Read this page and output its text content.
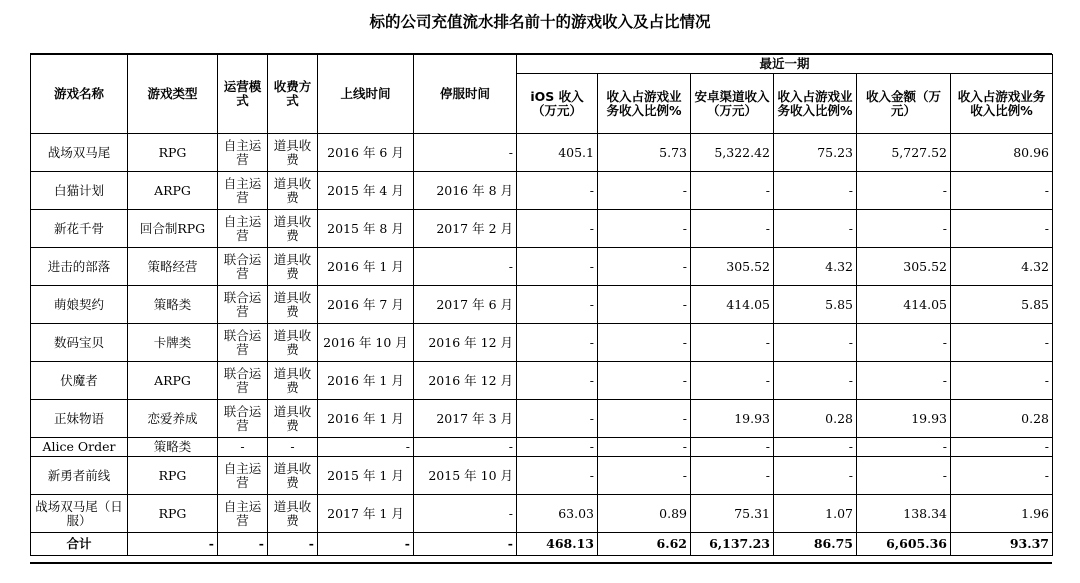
标的公司充值流水排名前十的游戏收入及占比情况
游戏名称	游戏类型	运营模式	收费方式	上线时间	停服时间	最近一期					
						iOS 收入（万元）	收入占游戏业务收入比例%	安卓渠道收入（万元）	收入占游戏业务收入比例%	收入金额（万元）	收入占游戏业务收入比例%
战场双马尾	RPG	自主运营	道具收费	2016 年 6 月	-	405.1	5.73	5,322.42	75.23	5,727.52	80.96
白猫计划	ARPG	自主运营	道具收费	2015 年 4 月	2016 年 8 月	-	-	-	-	-	-
新花千骨	回合制RPG	自主运营	道具收费	2015 年 8 月	2017 年 2 月	-	-	-	-	-	-
进击的部落	策略经营	联合运营	道具收费	2016 年 1 月	-	-	-	305.52	4.32	305.52	4.32
萌娘契约	策略类	联合运营	道具收费	2016 年 7 月	2017 年 6 月	-	-	414.05	5.85	414.05	5.85
数码宝贝	卡牌类	联合运营	道具收费	2016 年 10 月	2016 年 12 月	-	-	-	-	-	-
伏魔者	ARPG	联合运营	道具收费	2016 年 1 月	2016 年 12 月	-	-	-	-	-	-
正妹物语	恋爱养成	联合运营	道具收费	2016 年 1 月	2017 年 3 月	-	-	19.93	0.28	19.93	0.28
Alice Order	策略类	-	-	-	-	-	-	-	-	-	-
新勇者前线	RPG	自主运营	道具收费	2015 年 1 月	2015 年 10 月	-	-	-	-	-	-
战场双马尾（日服）	RPG	自主运营	道具收费	2017 年 1 月	-	63.03	0.89	75.31	1.07	138.34	1.96
合计	-	-	-	-	-	468.13	6.62	6,137.23	86.75	6,605.36	93.37
